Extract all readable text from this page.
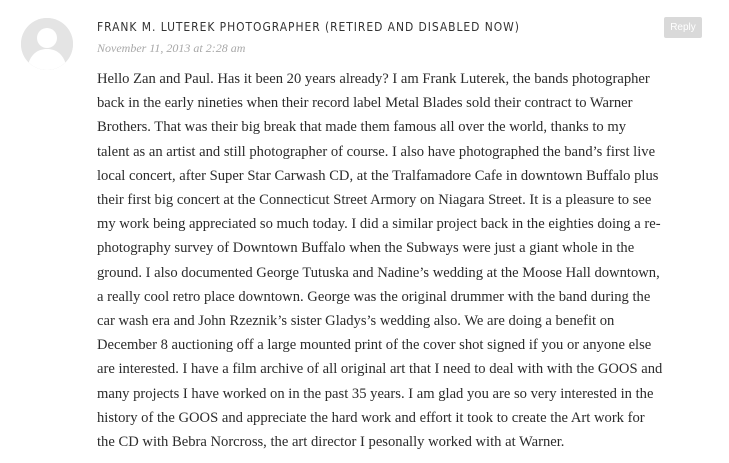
FRANK M. LUTEREK PHOTOGRAPHER (RETIRED AND DISABLED NOW)
November 11, 2013 at 2:28 am
Reply
Hello Zan and Paul. Has it been 20 years already? I am Frank Luterek, the bands photographer
back in the early nineties when their record label Metal Blades sold their contract to Warner
Brothers. That was their big break that made them famous all over the world, thanks to my
talent as an artist and still photographer of course. I also have photographed the band’s first live
local concert, after Super Star Carwash CD, at the Tralfamadore Cafe in downtown Buffalo plus
their first big concert at the Connecticut Street Armory on Niagara Street. It is a pleasure to see
my work being appreciated so much today. I did a similar project back in the eighties doing a re-
photography survey of Downtown Buffalo when the Subways were just a giant whole in the
ground. I also documented George Tutuska and Nadine’s wedding at the Moose Hall downtown,
a really cool retro place downtown. George was the original drummer with the band during the
car wash era and John Rzeznik’s sister Gladys’s wedding also. We are doing a benefit on
December 8 auctioning off a large mounted print of the cover shot signed if you or anyone else
are interested. I have a film archive of all original art that I need to deal with with the GOOS and
many projects I have worked on in the past 35 years. I am glad you are so very interested in the
history of the GOOS and appreciate the hard work and effort it took to create the Art work for
the CD with Bebra Norcross, the art director I pesonally worked with at Warner.
